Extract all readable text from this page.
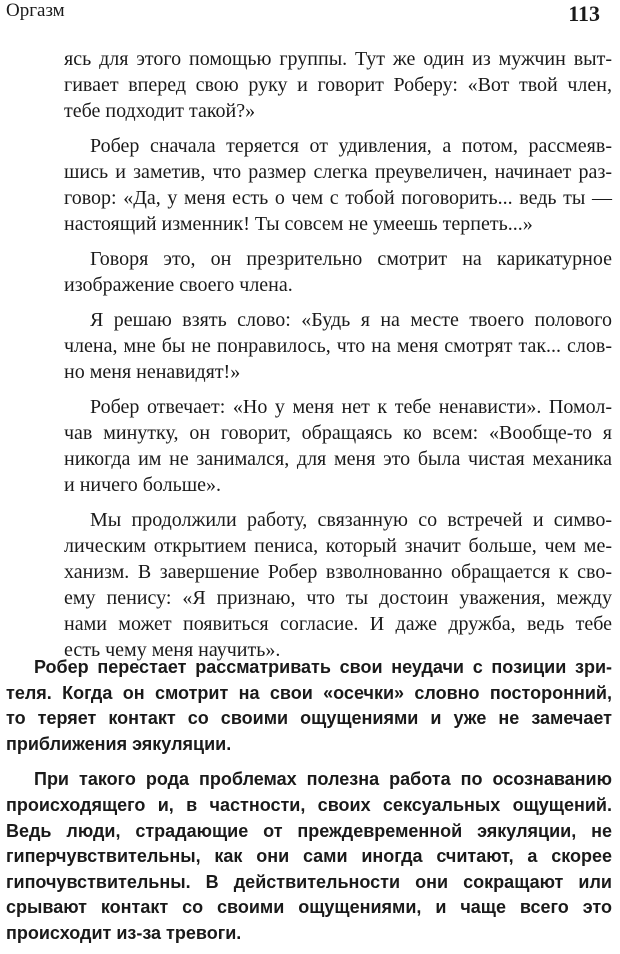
Оргазм	113
ясь для этого помощью группы. Тут же один из мужчин выт-
гивает вперед свою руку и говорит Роберу: «Вот твой член,
тебе подходит такой?»
Робер сначала теряется от удивления, а потом, рассмеяв-
шись и заметив, что размер слегка преувеличен, начинает раз-
говор: «Да, у меня есть о чем с тобой поговорить... ведь ты —
настоящий изменник! Ты совсем не умеешь терпеть...»
Говоря это, он презрительно смотрит на карикатурное
изображение своего члена.
Я решаю взять слово: «Будь я на месте твоего полового
члена, мне бы не понравилось, что на меня смотрят так... слов-
но меня ненавидят!»
Робер отвечает: «Но у меня нет к тебе ненависти». Помол-
чав минутку, он говорит, обращаясь ко всем: «Вообще-то я
никогда им не занимался, для меня это была чистая механика
и ничего больше».
Мы продолжили работу, связанную со встречей и симво-
лическим открытием пениса, который значит больше, чем ме-
ханизм. В завершение Робер взволнованно обращается к сво-
ему пенису: «Я признаю, что ты достоин уважения, между
нами может появиться согласие. И даже дружба, ведь тебе
есть чему меня научить».
Робер перестает рассматривать свои неудачи с позиции зри-
теля. Когда он смотрит на свои «осечки» словно посторонний,
то теряет контакт со своими ощущениями и уже не замечает
приближения эякуляции.
При такого рода проблемах полезна работа по осознаванию
происходящего и, в частности, своих сексуальных ощущений.
Ведь люди, страдающие от преждевременной эякуляции, не
гиперчувствительны, как они сами иногда считают, а скорее
гипочувствительны. В действительности они сокращают или
срывают контакт со своими ощущениями, и чаще всего это
происходит из-за тревоги.
